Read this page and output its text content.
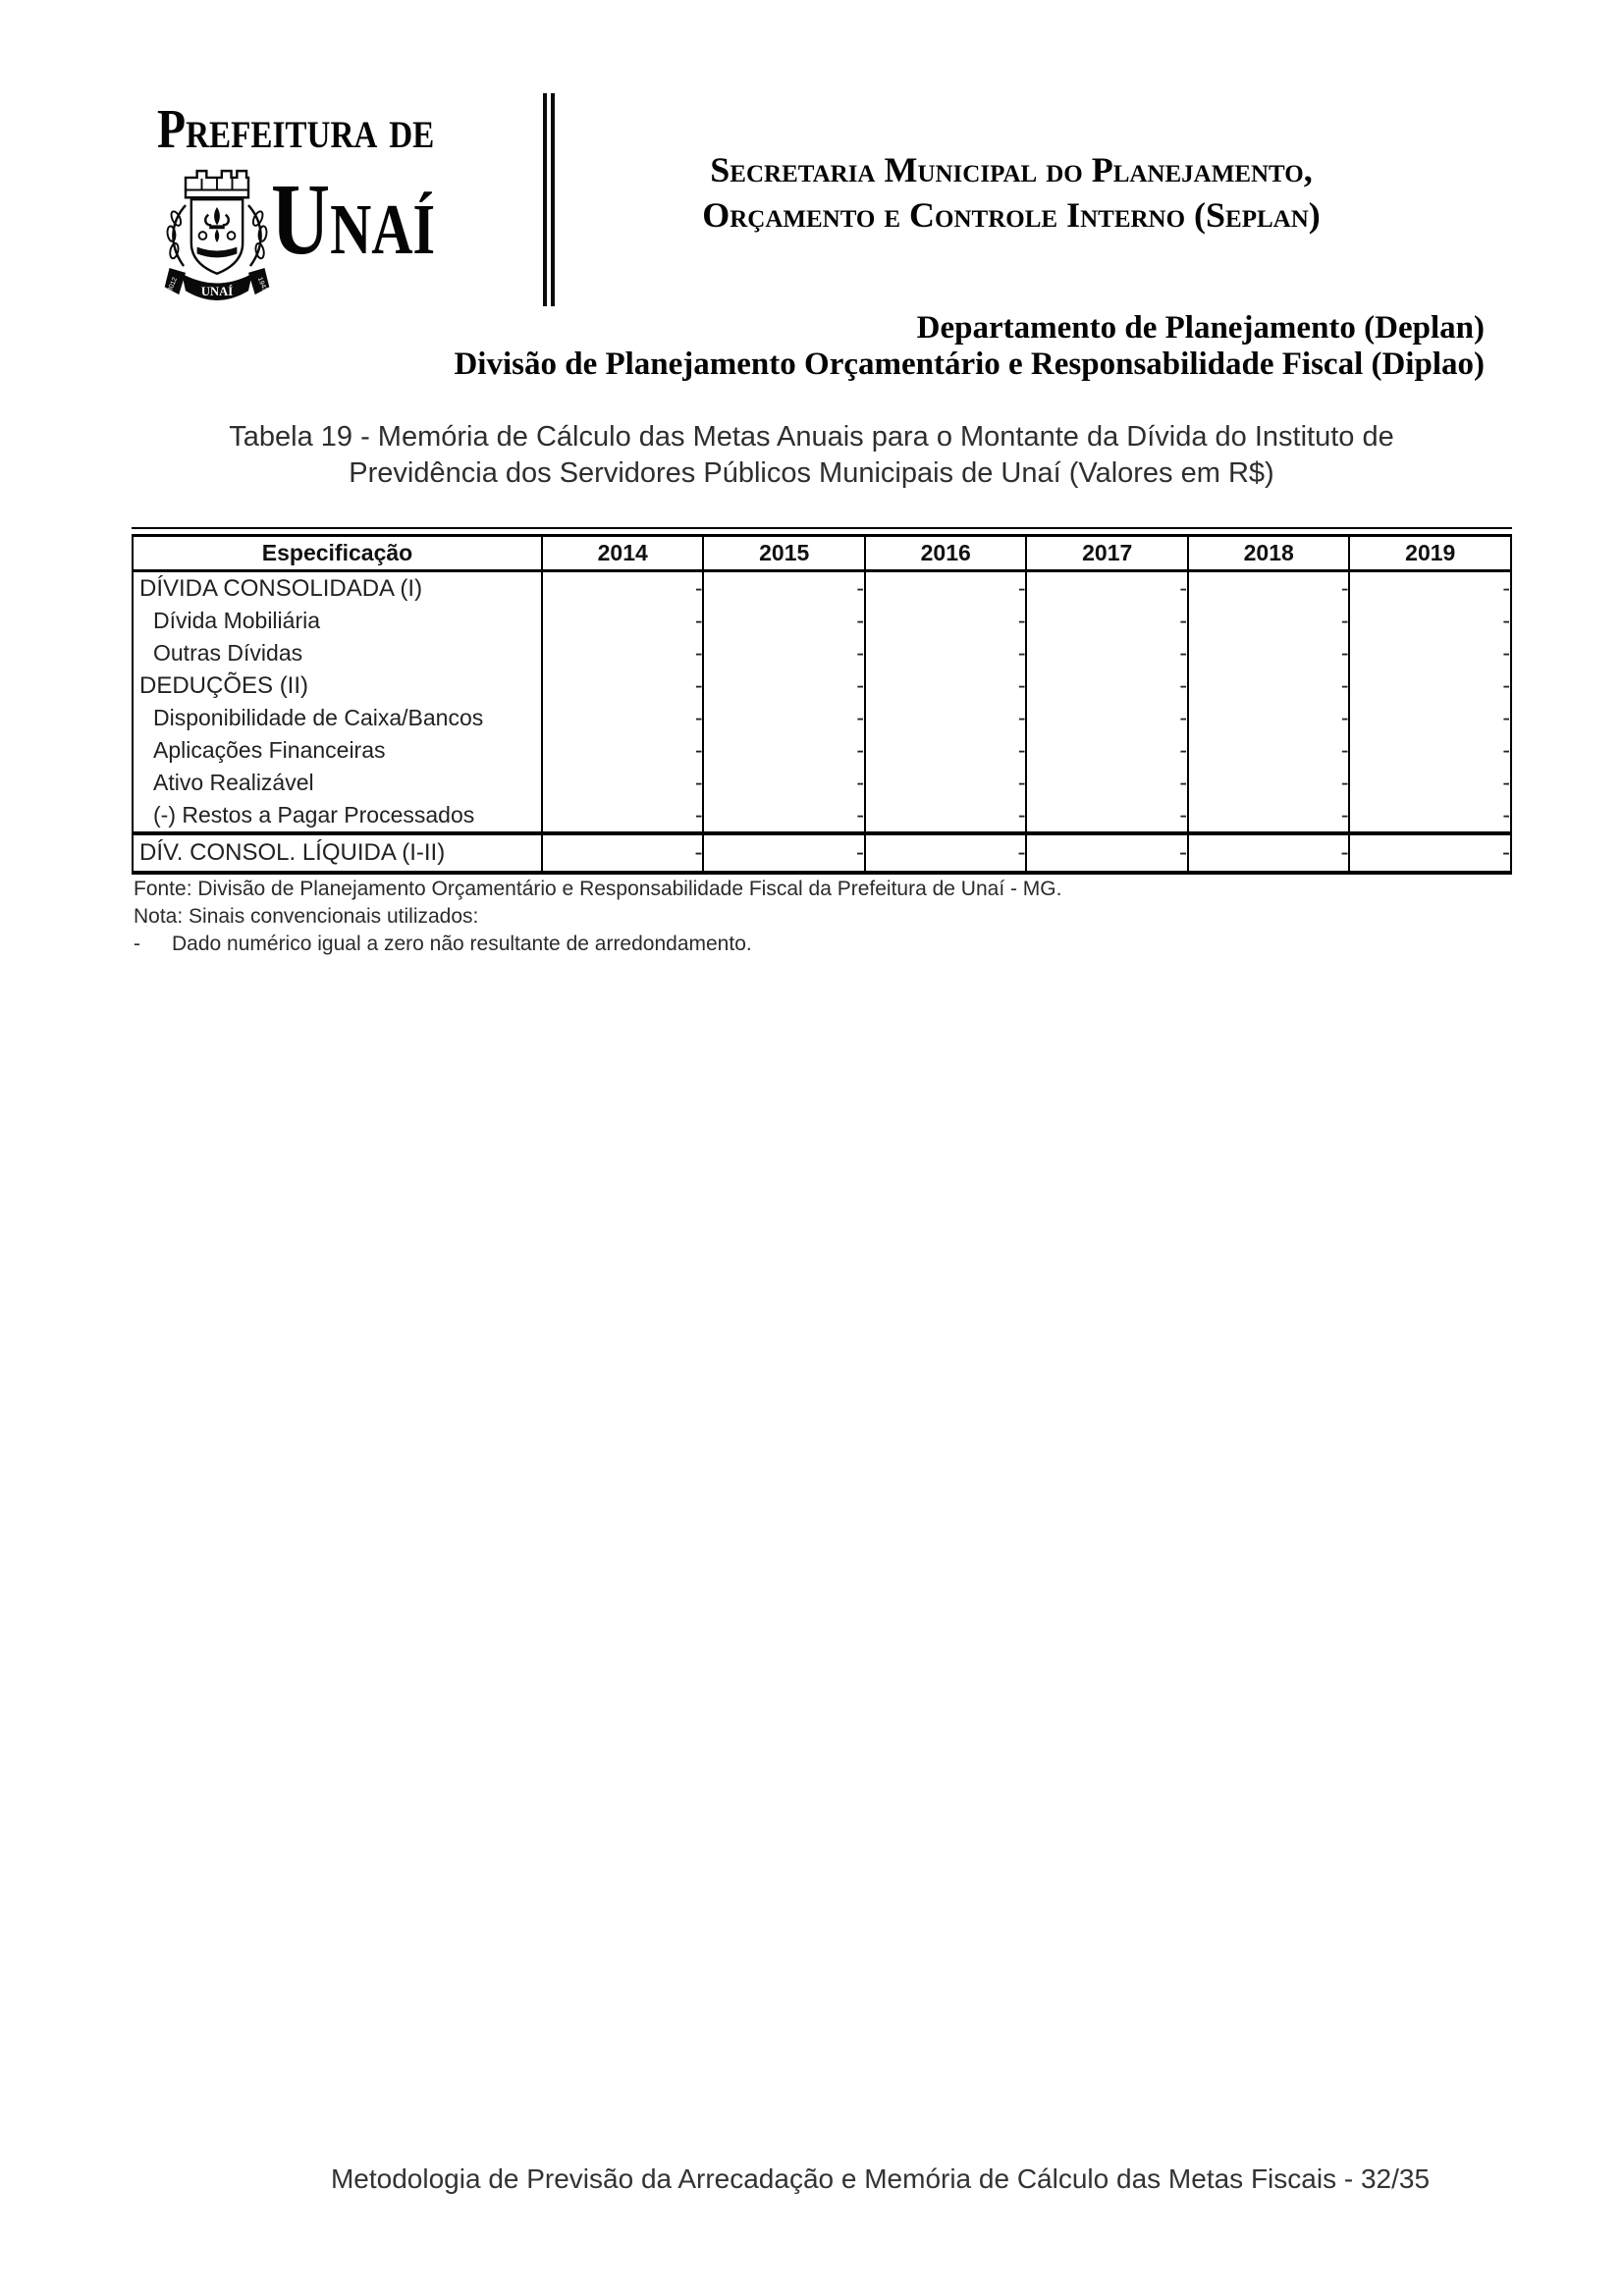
Prefeitura de
UNAÍ
3012	1943
Unaí	Secretaria Municipal do Planejamento,
Orçamento e Controle Interno (Seplan)
Departamento de Planejamento (Deplan)
Divisão de Planejamento Orçamentário e Responsabilidade Fiscal (Diplao)
Tabela 19 - Memória de Cálculo das Metas Anuais para o Montante da Dívida do Instituto de
Previdência dos Servidores Públicos Municipais de Unaí (Valores em R$)
Especificação	2014	2015	2016	2017	2018	2019
DÍVIDA CONSOLIDADA (I)	-	-	-	-	-	-
Dívida Mobiliária	-	-	-	-	-	-
Outras Dívidas	-	-	-	-	-	-
DEDUÇÕES (II)	-	-	-	-	-	-
Disponibilidade de Caixa/Bancos	-	-	-	-	-	-
Aplicações Financeiras	-	-	-	-	-	-
Ativo Realizável	-	-	-	-	-	-
(-) Restos a Pagar Processados	-	-	-	-	-	-
DÍV. CONSOL. LÍQUIDA (I-II)	-	-	-	-	-	-
Fonte: Divisão de Planejamento Orçamentário e Responsabilidade Fiscal da Prefeitura de Unaí - MG.
Nota: Sinais convencionais utilizados:
-	Dado numérico igual a zero não resultante de arredondamento.
Metodologia de Previsão da Arrecadação e Memória de Cálculo das Metas Fiscais - 32/35
